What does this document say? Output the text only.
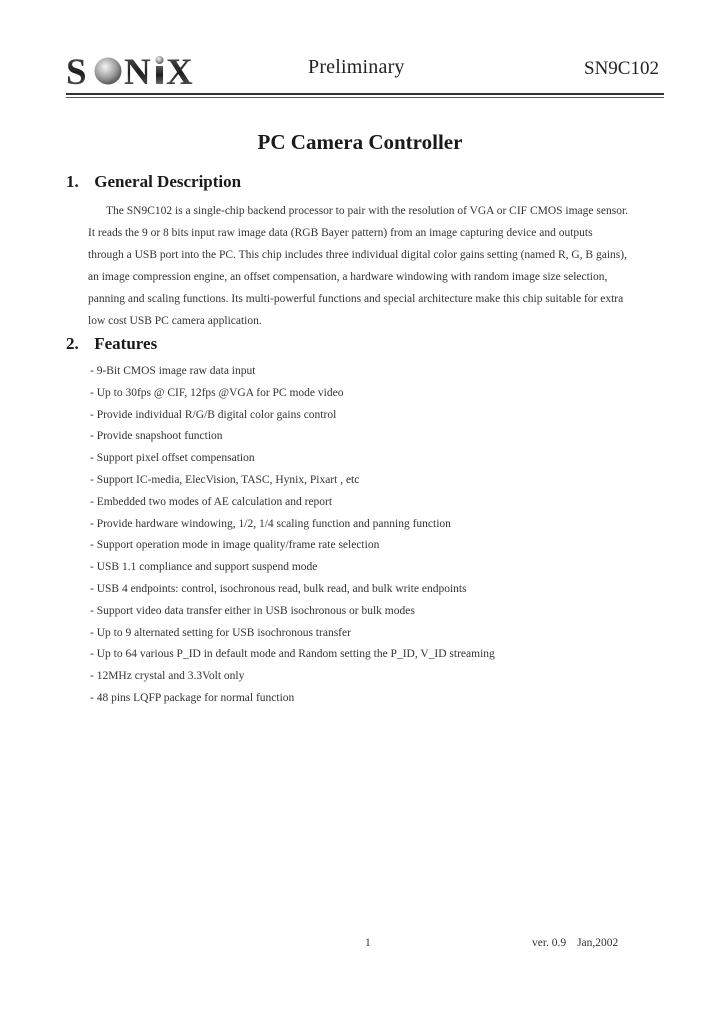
S N X	Preliminary	SN9C102
PC Camera Controller
1. General Description
The SN9C102 is a single-chip backend processor to pair with the resolution of VGA or CIF CMOS image sensor.
It reads the 9 or 8 bits input raw image data (RGB Bayer pattern) from an image capturing device and outputs
through a USB port into the PC. This chip includes three individual digital color gains setting (named R, G, B gains),
an image compression engine, an offset compensation, a hardware windowing with random image size selection,
panning and scaling functions. Its multi-powerful functions and special architecture make this chip suitable for extra
low cost USB PC camera application.
2. Features
- 9-Bit CMOS image raw data input
- Up to 30fps @ CIF, 12fps @VGA for PC mode video
- Provide individual R/G/B digital color gains control
- Provide snapshoot function
- Support pixel offset compensation
- Support IC-media, ElecVision, TASC, Hynix, Pixart , etc
- Embedded two modes of AE calculation and report
- Provide hardware windowing, 1/2, 1/4 scaling function and panning function
- Support operation mode in image quality/frame rate selection
- USB 1.1 compliance and support suspend mode
- USB 4 endpoints: control, isochronous read, bulk read, and bulk write endpoints
- Support video data transfer either in USB isochronous or bulk modes
- Up to 9 alternated setting for USB isochronous transfer
- Up to 64 various P_ID in default mode and Random setting the P_ID, V_ID streaming
- 12MHz crystal and 3.3Volt only
- 48 pins LQFP package for normal function
1	ver. 0.9 Jan,2002
